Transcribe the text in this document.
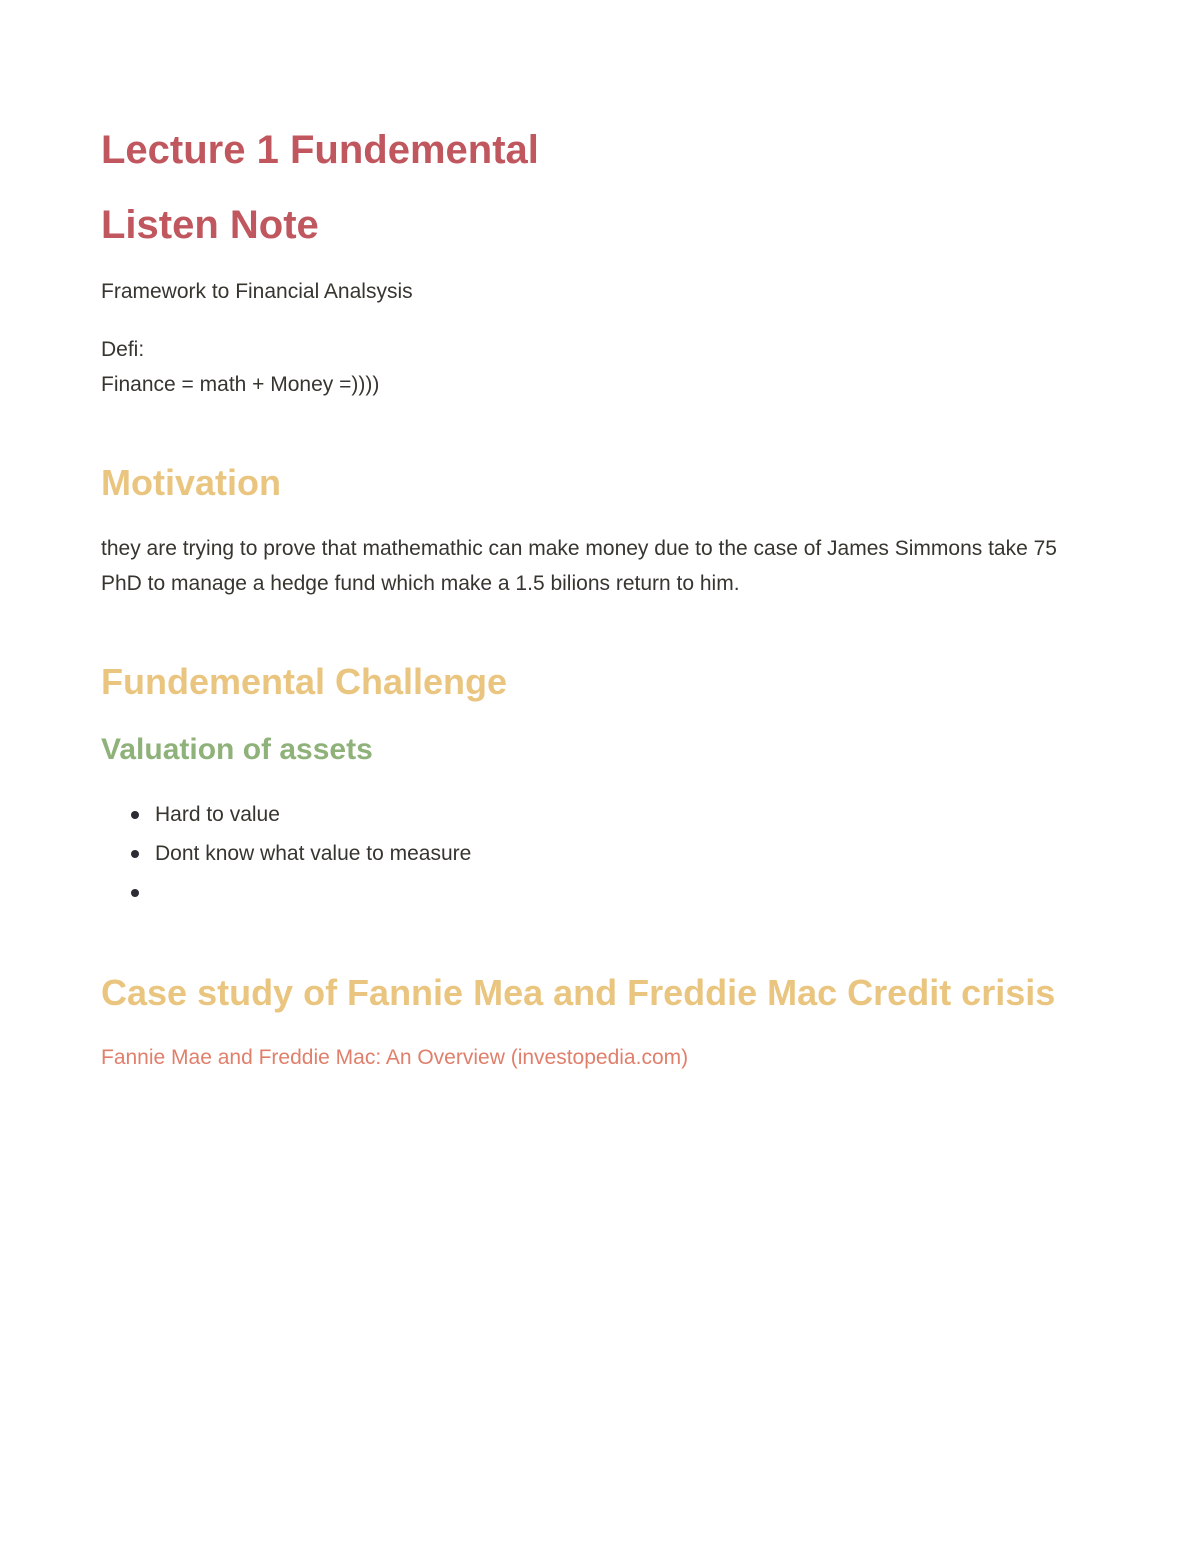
Lecture 1 Fundemental
Listen Note

Framework to Financial Analsysis

Defi:

Finance = math + Money =))))

Motivation

they are trying to prove that mathemathic can make money due to the case of James Simmons take 75 PhD to manage a hedge fund which make a 1.5 bilions return to him.

Fundemental Challenge
Valuation of assets
Hard to value
Dont know what value to measure
Case study of Fannie Mea and Freddie Mac Credit crisis

Fannie Mae and Freddie Mac: An Overview (investopedia.com)
